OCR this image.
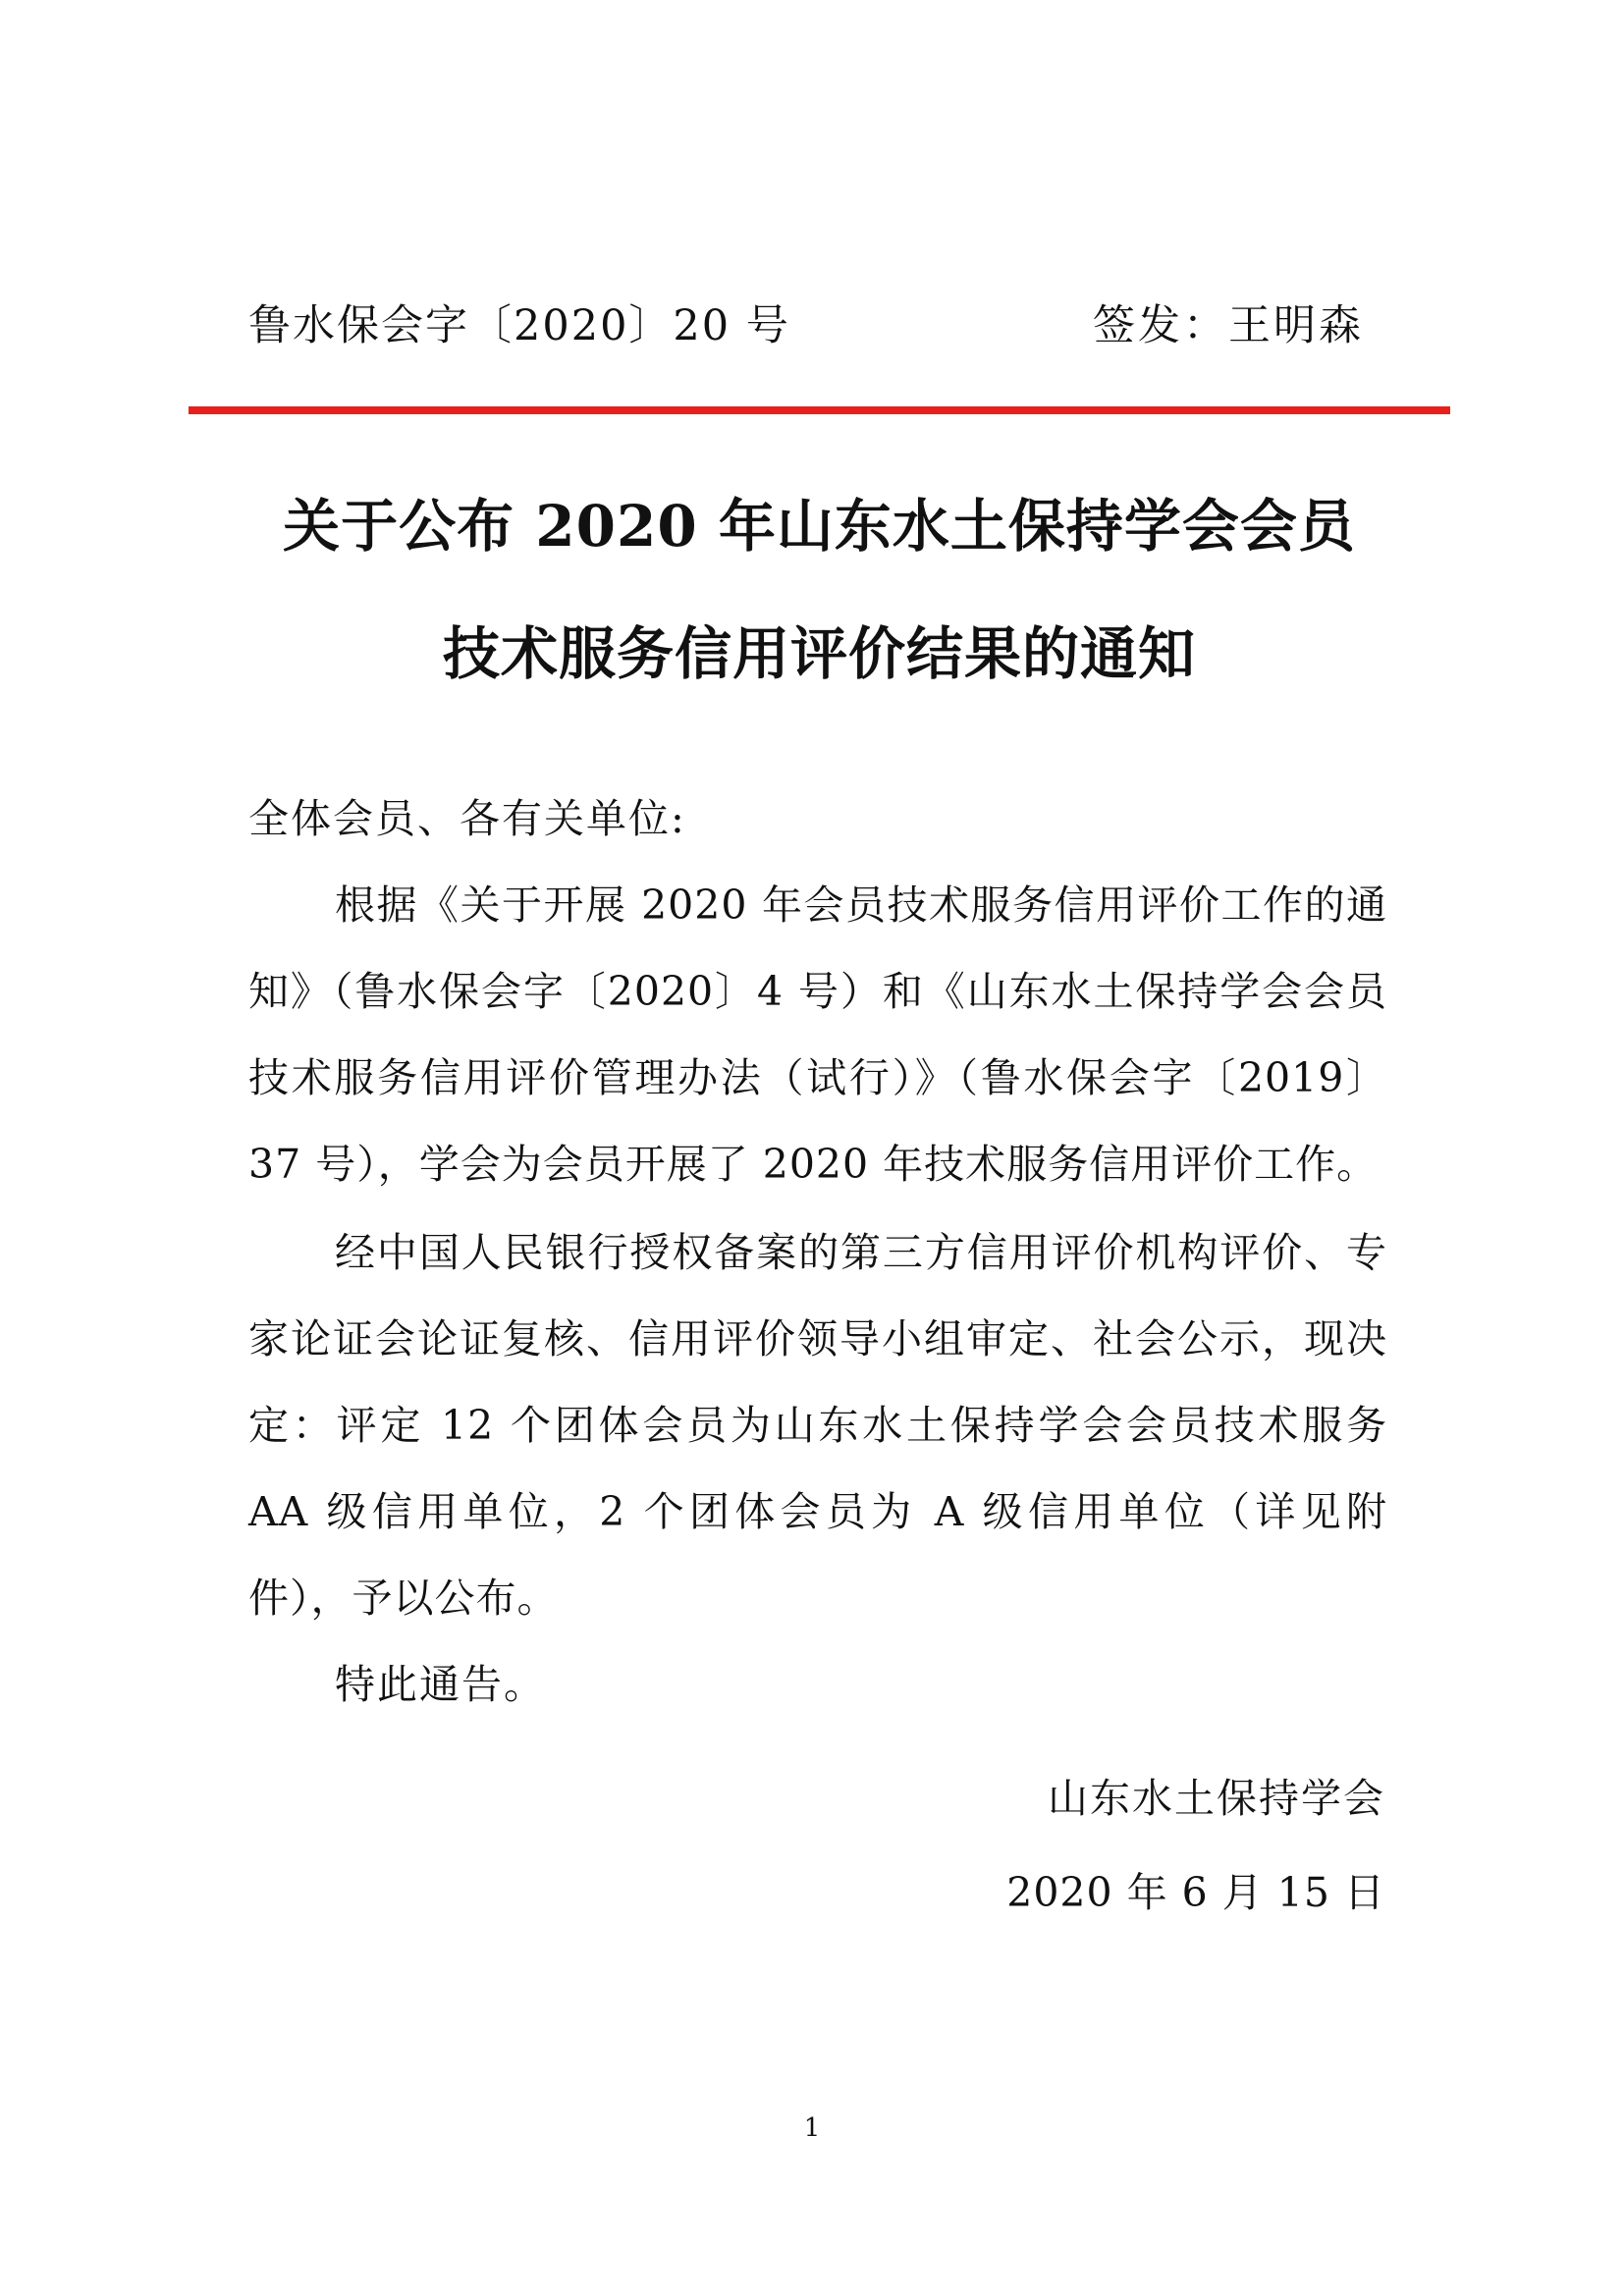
鲁水保会字〔2020〕20 号	签发：王明森
关于公布 2020 年山东水土保持学会会员
技术服务信用评价结果的通知
全体会员、各有关单位:
根据《关于开展 2020 年会员技术服务信用评价工作的通知》（鲁水保会字〔2020〕4 号）和《山东水土保持学会会员技术服务信用评价管理办法（试行）》（鲁水保会字〔2019〕37 号），学会为会员开展了 2020 年技术服务信用评价工作。
经中国人民银行授权备案的第三方信用评价机构评价、专家论证会论证复核、信用评价领导小组审定、社会公示，现决定：评定 12 个团体会员为山东水土保持学会会员技术服务 AA 级信用单位，2 个团体会员为 A 级信用单位（详见附件），予以公布。
特此通告。
山东水土保持学会
2020 年 6 月 15 日
1
